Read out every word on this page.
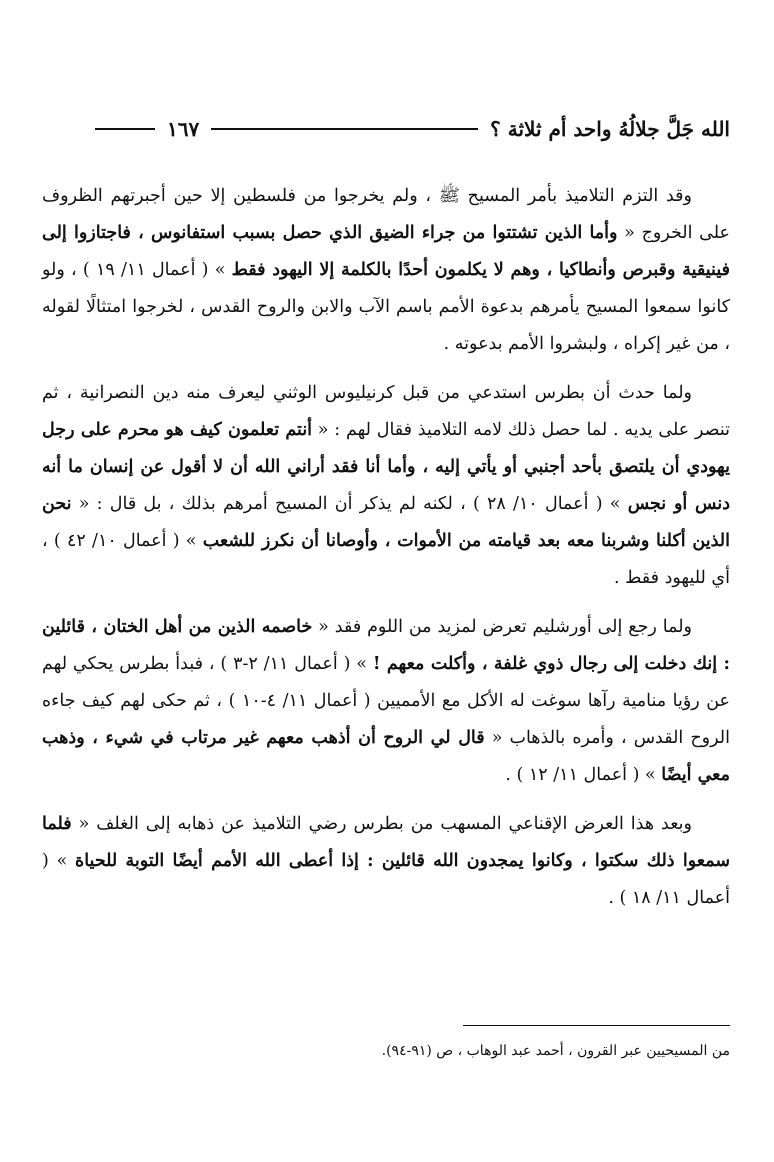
الله جَلَّ جلالُهُ واحد أم ثلاثة ؟
١٦٧

وقد التزم التلاميذ بأمر المسيح ﷺ ، ولم يخرجوا من فلسطين إلا حين أجبرتهم الظروف على الخروج « وأما الذين تشتتوا من جراء الضيق الذي حصل بسبب استفانوس ، فاجتازوا إلى فينيقية وقبرص وأنطاكيا ، وهم لا يكلمون أحدًا بالكلمة إلا اليهود فقط » ( أعمال ١١/ ١٩ ) ، ولو كانوا سمعوا المسيح يأمرهم بدعوة الأمم باسم الآب والابن والروح القدس ، لخرجوا امتثالًا لقوله ، من غير إكراه ، ولبشروا الأمم بدعوته .

ولما حدث أن بطرس استدعي من قبل كرنيليوس الوثني ليعرف منه دين النصرانية ، ثم تنصر على يديه . لما حصل ذلك لامه التلاميذ فقال لهم : « أنتم تعلمون كيف هو محرم على رجل يهودي أن يلتصق بأحد أجنبي أو يأتي إليه ، وأما أنا فقد أراني الله أن لا أقول عن إنسان ما أنه دنس أو نجس » ( أعمال ١٠/ ٢٨ ) ، لكنه لم يذكر أن المسيح أمرهم بذلك ، بل قال : « نحن الذين أكلنا وشربنا معه بعد قيامته من الأموات ، وأوصانا أن نكرز للشعب » ( أعمال ١٠/ ٤٢ ) ، أي لليهود فقط .

ولما رجع إلى أورشليم تعرض لمزيد من اللوم فقد « خاصمه الذين من أهل الختان ، قائلين : إنك دخلت إلى رجال ذوي غلفة ، وأكلت معهم ! » ( أعمال ١١/ ٢-٣ ) ، فبدأ بطرس يحكي لهم عن رؤيا منامية رآها سوغت له الأكل مع الأمميين ( أعمال ١١/ ٤-١٠ ) ، ثم حكى لهم كيف جاءه الروح القدس ، وأمره بالذهاب « قال لي الروح أن أذهب معهم غير مرتاب في شيء ، وذهب معي أيضًا » ( أعمال ١١/ ١٢ ) .

وبعد هذا العرض الإقناعي المسهب من بطرس رضي التلاميذ عن ذهابه إلى الغلف « فلما سمعوا ذلك سكتوا ، وكانوا يمجدون الله قائلين : إذا أعطى الله الأمم أيضًا التوبة للحياة » ( أعمال ١١/ ١٨ ) .

من المسيحيين عبر القرون ، أحمد عبد الوهاب ، ص (٩١-٩٤).
